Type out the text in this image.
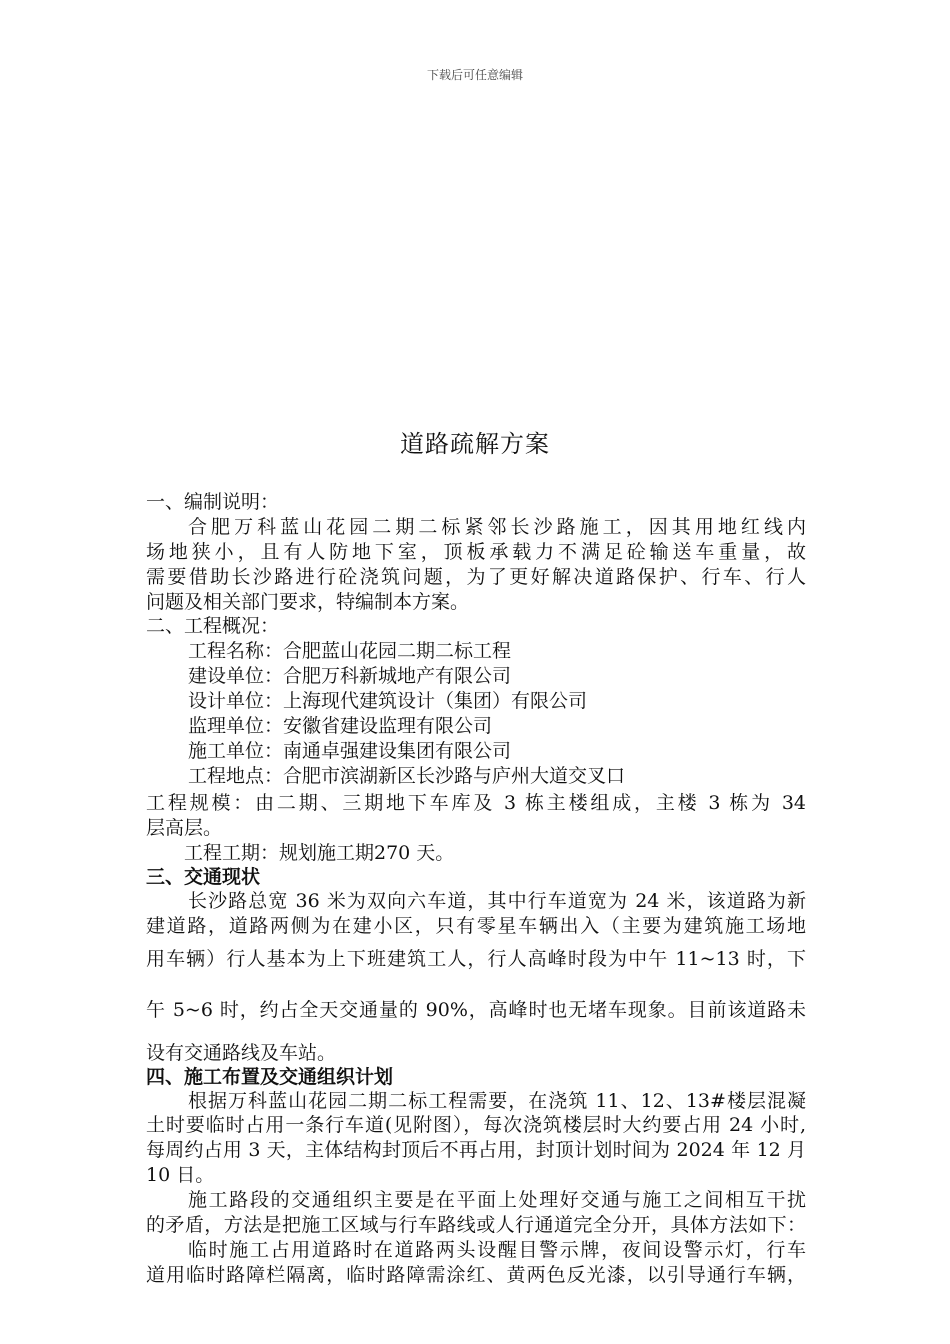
下载后可任意编辑
道路疏解方案
一、编制说明：
合肥万科蓝山花园二期二标紧邻长沙路施工，因其用地红线内
场地狭小，且有人防地下室，顶板承载力不满足砼输送车重量，故
需要借助长沙路进行砼浇筑问题，为了更好解决道路保护、行车、行人
问题及相关部门要求，特编制本方案。
二、工程概况：
工程名称：合肥蓝山花园二期二标工程
建设单位：合肥万科新城地产有限公司
设计单位：上海现代建筑设计（集团）有限公司
监理单位：安徽省建设监理有限公司
施工单位：南通卓强建设集团有限公司
工程地点：合肥市滨湖新区长沙路与庐州大道交叉口
工程规模：由二期、三期地下车库及 3 栋主楼组成，主楼 3 栋为 34
层高层。
工程工期：规划施工期270 天。
三、交通现状
长沙路总宽 36 米为双向六车道，其中行车道宽为 24 米，该道路为新
建道路，道路两侧为在建小区，只有零星车辆出入（主要为建筑施工场地
用车辆）行人基本为上下班建筑工人，行人高峰时段为中午 11~13 时，下
午 5~6 时，约占全天交通量的 90%，高峰时也无堵车现象。目前该道路未
设有交通路线及车站。
四、施工布置及交通组织计划
根据万科蓝山花园二期二标工程需要，在浇筑 11、12、13#楼层混凝
土时要临时占用一条行车道(见附图），每次浇筑楼层时大约要占用 24 小时,
每周约占用 3 天，主体结构封顶后不再占用，封顶计划时间为 2024 年 12 月
10 日。
施工路段的交通组织主要是在平面上处理好交通与施工之间相互干扰
的矛盾，方法是把施工区域与行车路线或人行通道完全分开，具体方法如下：
临时施工占用道路时在道路两头设醒目警示牌，夜间设警示灯，行车
道用临时路障栏隔离，临时路障需涂红、黄两色反光漆，以引导通行车辆，
